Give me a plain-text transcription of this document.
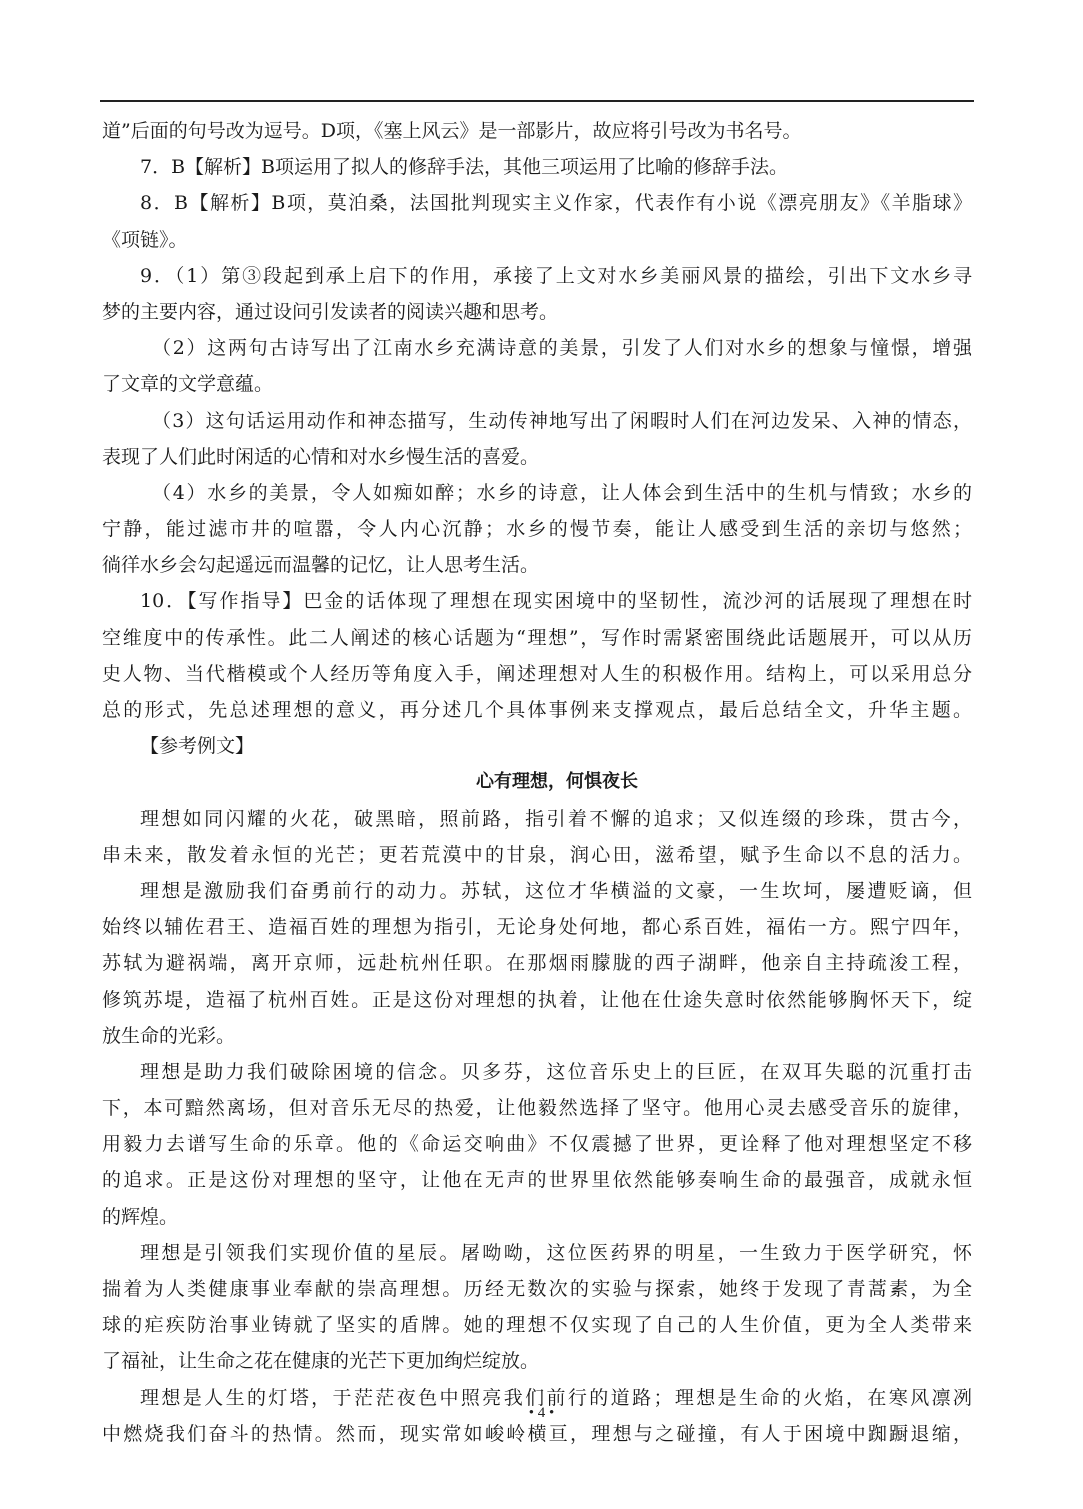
道”后面的句号改为逗号。D项，《塞上风云》是一部影片，故应将引号改为书名号。
7．B【解析】B项运用了拟人的修辞手法，其他三项运用了比喻的修辞手法。
8．B【解析】B项，莫泊桑，法国批判现实主义作家，代表作有小说《漂亮朋友》《羊脂球》
《项链》。
9．（1）第③段起到承上启下的作用，承接了上文对水乡美丽风景的描绘，引出下文水乡寻
梦的主要内容，通过设问引发读者的阅读兴趣和思考。
（2）这两句古诗写出了江南水乡充满诗意的美景，引发了人们对水乡的想象与憧憬，增强
了文章的文学意蕴。
（3）这句话运用动作和神态描写，生动传神地写出了闲暇时人们在河边发呆、入神的情态，
表现了人们此时闲适的心情和对水乡慢生活的喜爱。
（4）水乡的美景，令人如痴如醉；水乡的诗意，让人体会到生活中的生机与情致；水乡的
宁静，能过滤市井的喧嚣，令人内心沉静；水乡的慢节奏，能让人感受到生活的亲切与悠然；
徜徉水乡会勾起遥远而温馨的记忆，让人思考生活。
10．【写作指导】巴金的话体现了理想在现实困境中的坚韧性，流沙河的话展现了理想在时
空维度中的传承性。此二人阐述的核心话题为“理想”，写作时需紧密围绕此话题展开，可以从历
史人物、当代楷模或个人经历等角度入手，阐述理想对人生的积极作用。结构上，可以采用总分
总的形式，先总述理想的意义，再分述几个具体事例来支撑观点，最后总结全文，升华主题。
【参考例文】
心有理想，何惧夜长
理想如同闪耀的火花，破黑暗，照前路，指引着不懈的追求；又似连缀的珍珠，贯古今，
串未来，散发着永恒的光芒；更若荒漠中的甘泉，润心田，滋希望，赋予生命以不息的活力。
理想是激励我们奋勇前行的动力。苏轼，这位才华横溢的文豪，一生坎坷，屡遭贬谪，但
始终以辅佐君王、造福百姓的理想为指引，无论身处何地，都心系百姓，福佑一方。熙宁四年，
苏轼为避祸端，离开京师，远赴杭州任职。在那烟雨朦胧的西子湖畔，他亲自主持疏浚工程，
修筑苏堤，造福了杭州百姓。正是这份对理想的执着，让他在仕途失意时依然能够胸怀天下，绽
放生命的光彩。
理想是助力我们破除困境的信念。贝多芬，这位音乐史上的巨匠，在双耳失聪的沉重打击
下，本可黯然离场，但对音乐无尽的热爱，让他毅然选择了坚守。他用心灵去感受音乐的旋律，
用毅力去谱写生命的乐章。他的《命运交响曲》不仅震撼了世界，更诠释了他对理想坚定不移
的追求。正是这份对理想的坚守，让他在无声的世界里依然能够奏响生命的最强音，成就永恒
的辉煌。
理想是引领我们实现价值的星辰。屠呦呦，这位医药界的明星，一生致力于医学研究，怀
揣着为人类健康事业奉献的崇高理想。历经无数次的实验与探索，她终于发现了青蒿素，为全
球的疟疾防治事业铸就了坚实的盾牌。她的理想不仅实现了自己的人生价值，更为全人类带来
了福祉，让生命之花在健康的光芒下更加绚烂绽放。
理想是人生的灯塔，于茫茫夜色中照亮我们前行的道路；理想是生命的火焰，在寒风凛冽
中燃烧我们奋斗的热情。然而，现实常如峻岭横亘，理想与之碰撞，有人于困境中踟蹰退缩，
• 4 •
